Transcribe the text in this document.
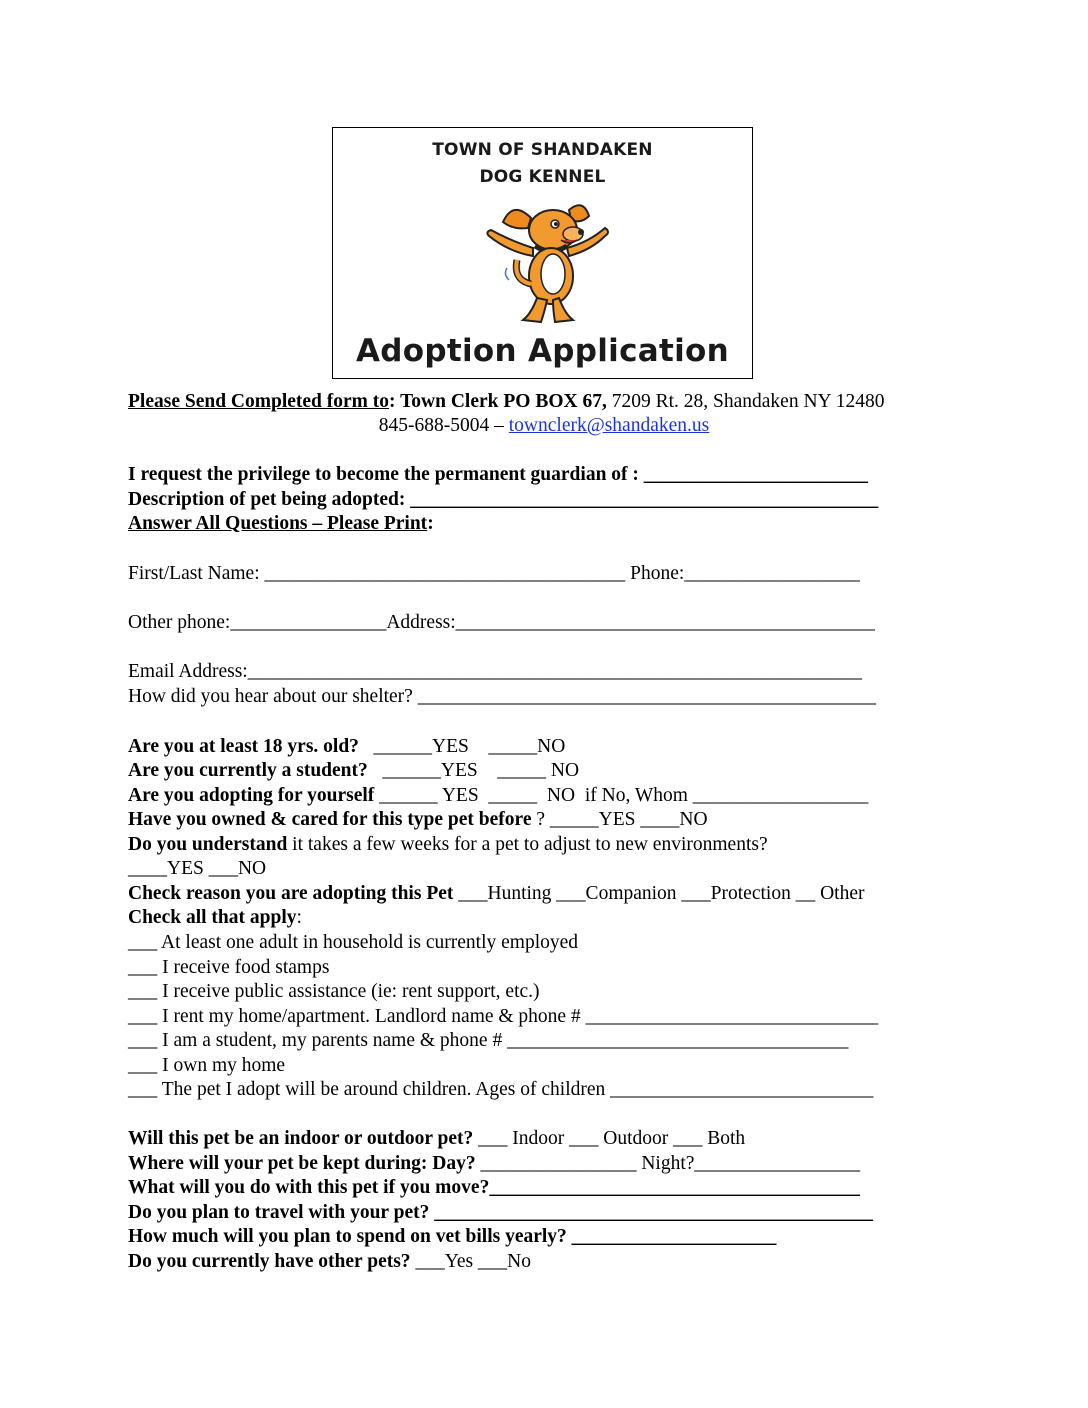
TOWN OF SHANDAKEN
DOG KENNEL
Adoption Application
Please Send Completed form to: Town Clerk PO BOX 67, 7209 Rt. 28, Shandaken NY 12480
845-688-5004 – townclerk@shandaken.us
I request the privilege to become the permanent guardian of : _______________________
Description of pet being adopted: ________________________________________________
Answer All Questions – Please Print:
First/Last Name: _____________________________________ Phone:__________________
Other phone:________________Address:___________________________________________
Email Address:_______________________________________________________________
How did you hear about our shelter? _______________________________________________
Are you at least 18 yrs. old?   ______YES    _____NO
Are you currently a student?   ______YES    _____ NO
Are you adopting for yourself ______ YES  _____  NO  if No, Whom __________________
Have you owned & cared for this type pet before ? _____YES ____NO
Do you understand it takes a few weeks for a pet to adjust to new environments?
____YES ___NO
Check reason you are adopting this Pet ___Hunting ___Companion ___Protection __ Other
Check all that apply:
___ At least one adult in household is currently employed
___ I receive food stamps
___ I receive public assistance (ie: rent support, etc.)
___ I rent my home/apartment. Landlord name & phone # ______________________________
___ I am a student, my parents name & phone # ___________________________________
___ I own my home
___ The pet I adopt will be around children. Ages of children ___________________________
Will this pet be an indoor or outdoor pet? ___ Indoor ___ Outdoor ___ Both
Where will your pet be kept during: Day? ________________ Night?_________________
What will you do with this pet if you move?______________________________________
Do you plan to travel with your pet? _____________________________________________
How much will you plan to spend on vet bills yearly? _____________________
Do you currently have other pets? ___Yes ___No
